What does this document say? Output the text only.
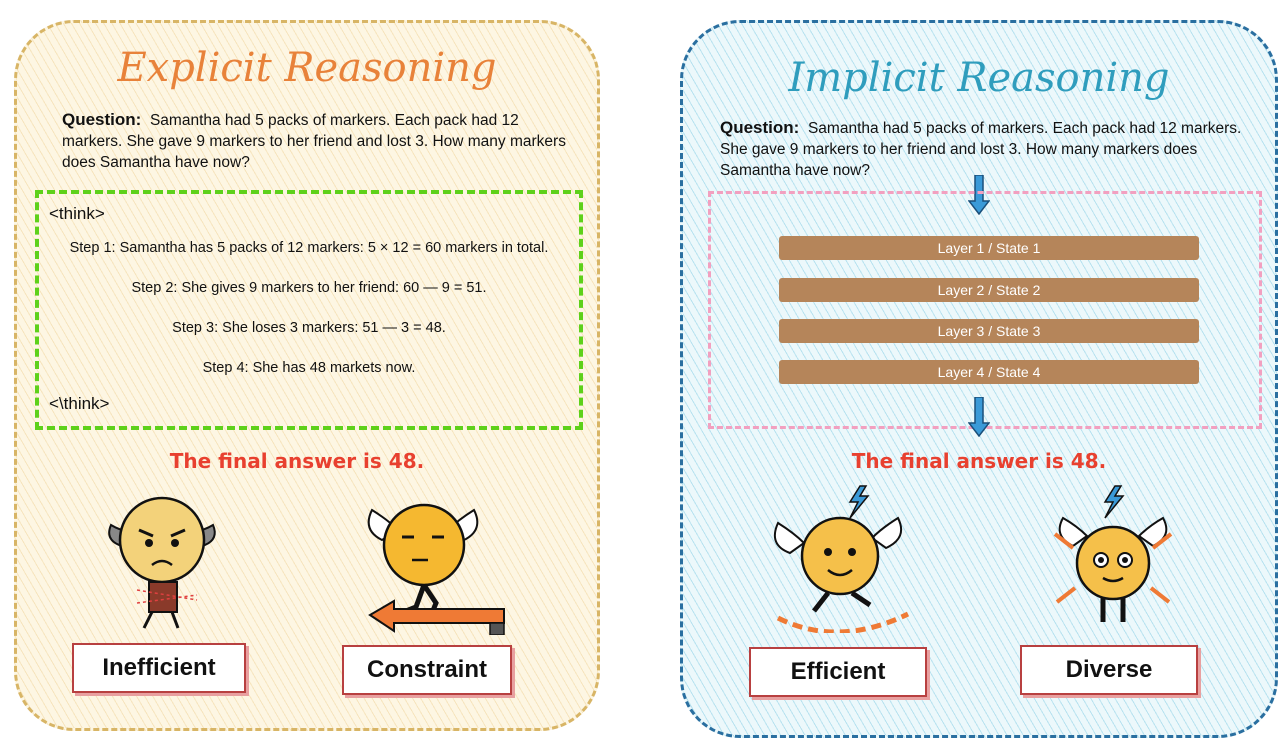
Explicit Reasoning
Question: Samantha had 5 packs of markers. Each pack had 12 markers. She gave 9 markers to her friend and lost 3. How many markers does Samantha have now?
<think>
Step 1: Samantha has 5 packs of 12 markers: 5 × 12 = 60 markers in total.
Step 2: She gives 9 markers to her friend: 60 — 9 = 51.
Step 3: She loses 3 markers: 51 — 3 = 48.
Step 4: She has 48 markets now.
<\think>
The final answer is 48.
Inefficient	Constraint
Implicit Reasoning
Question: Samantha had 5 packs of markers. Each pack had 12 markers. She gave 9 markers to her friend and lost 3. How many markers does Samantha have now?
Layer 1 / State 1
Layer 2 / State 2
Layer 3 / State 3
Layer 4 / State 4
The final answer is 48.
Efficient	Diverse
